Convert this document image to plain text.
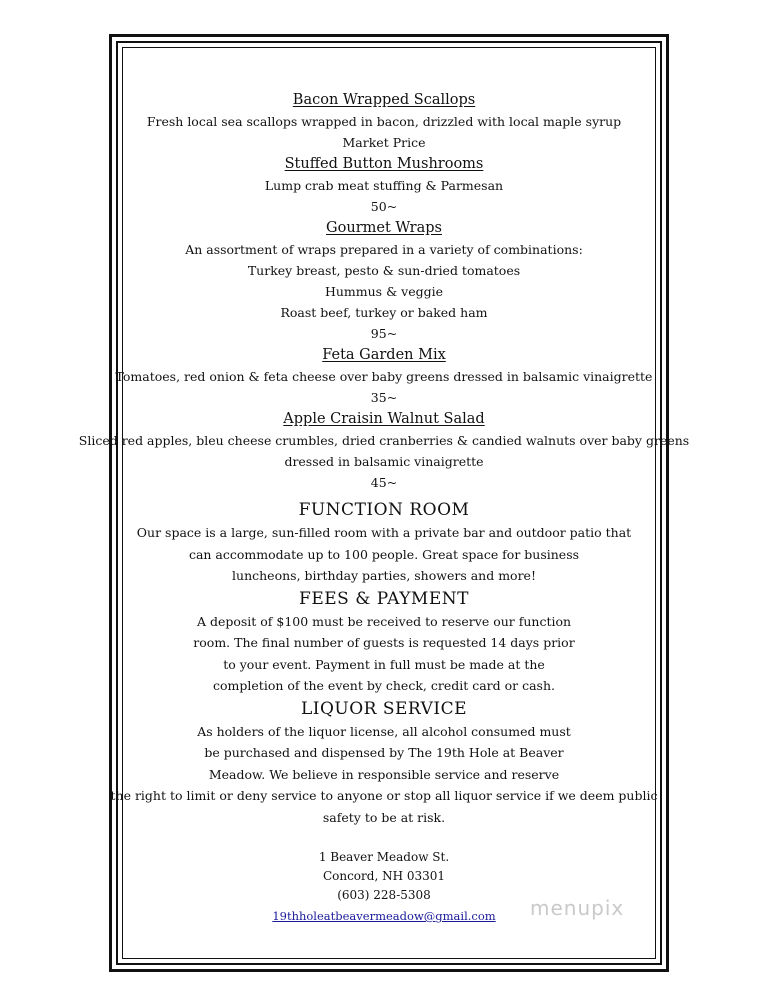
Bacon Wrapped Scallops
Fresh local sea scallops wrapped in bacon, drizzled with local maple syrup
Market Price
Stuffed Button Mushrooms
Lump crab meat stuffing & Parmesan
50~
Gourmet Wraps
An assortment of wraps prepared in a variety of combinations:
Turkey breast, pesto & sun-dried tomatoes
Hummus & veggie
Roast beef, turkey or baked ham
95~
Feta Garden Mix
Tomatoes, red onion & feta cheese over baby greens dressed in balsamic vinaigrette
35~
Apple Craisin Walnut Salad
Sliced red apples, bleu cheese crumbles, dried cranberries & candied walnuts over baby greens
dressed in balsamic vinaigrette
45~
FUNCTION ROOM
Our space is a large, sun-filled room with a private bar and outdoor patio that
can accommodate up to 100 people. Great space for business
luncheons, birthday parties, showers and more!
FEES & PAYMENT
A deposit of $100 must be received to reserve our function
room. The final number of guests is requested 14 days prior
to your event. Payment in full must be made at the
completion of the event by check, credit card or cash.
LIQUOR SERVICE
As holders of the liquor license, all alcohol consumed must
be purchased and dispensed by The 19th Hole at Beaver
Meadow. We believe in responsible service and reserve
the right to limit or deny service to anyone or stop all liquor service if we deem public
safety to be at risk.
1 Beaver Meadow St.
Concord, NH 03301
(603) 228-5308
19thholeatbeavermeadow@gmail.com	menupix
